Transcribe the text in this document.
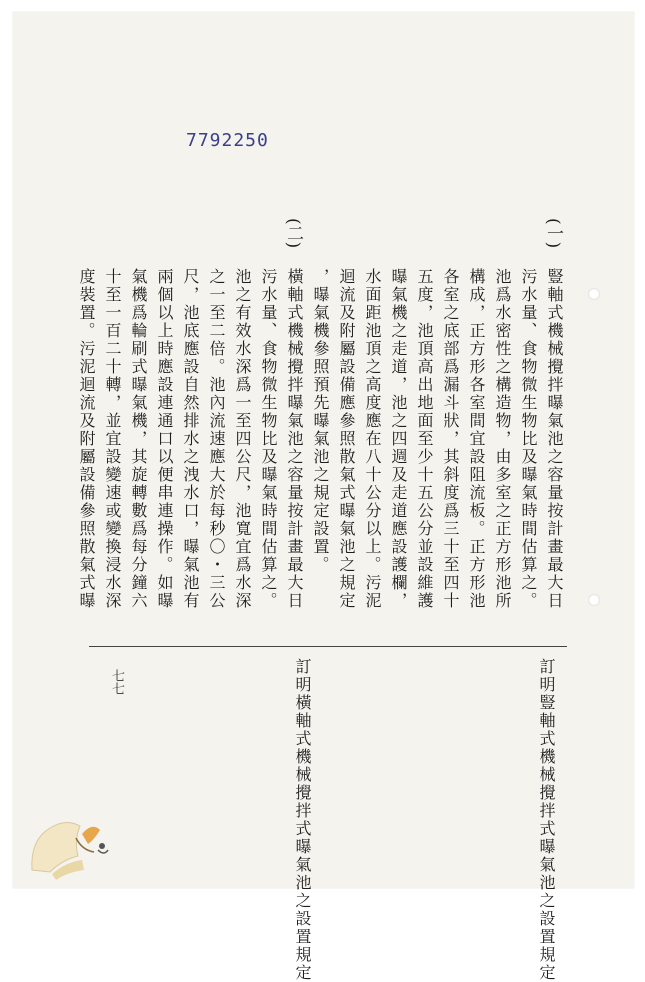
7792250
(一)
豎軸式機械攪拌曝氣池之容量按計畫最大日
污水量、食物微生物比及曝氣時間估算之。
池爲水密性之構造物，由多室之正方形池所
構成，正方形各室間宜設阻流板。正方形池
各室之底部爲漏斗狀，其斜度爲三十至四十
五度，池頂高出地面至少十五公分並設維護
曝氣機之走道，池之四週及走道應設護欄，
水面距池頂之高度應在八十公分以上。污泥
迴流及附屬設備應參照散氣式曝氣池之規定
，曝氣機參照預先曝氣池之規定設置。
(二)
橫軸式機械攪拌曝氣池之容量按計畫最大日
污水量、食物微生物比及曝氣時間估算之。
池之有效水深爲一至四公尺，池寬宜爲水深
之一至二倍。池內流速應大於每秒〇・三公
尺，池底應設自然排水之洩水口，曝氣池有
兩個以上時應設連通口以便串連操作。如曝
氣機爲輪刷式曝氣機，其旋轉數爲每分鐘六
十至一百二十轉，並宜設變速或變換浸水深
度裝置。污泥迴流及附屬設備參照散氣式曝
訂明豎軸式機械攪拌式曝氣池之設置規定
訂明橫軸式機械攪拌式曝氣池之設置規定
七七
